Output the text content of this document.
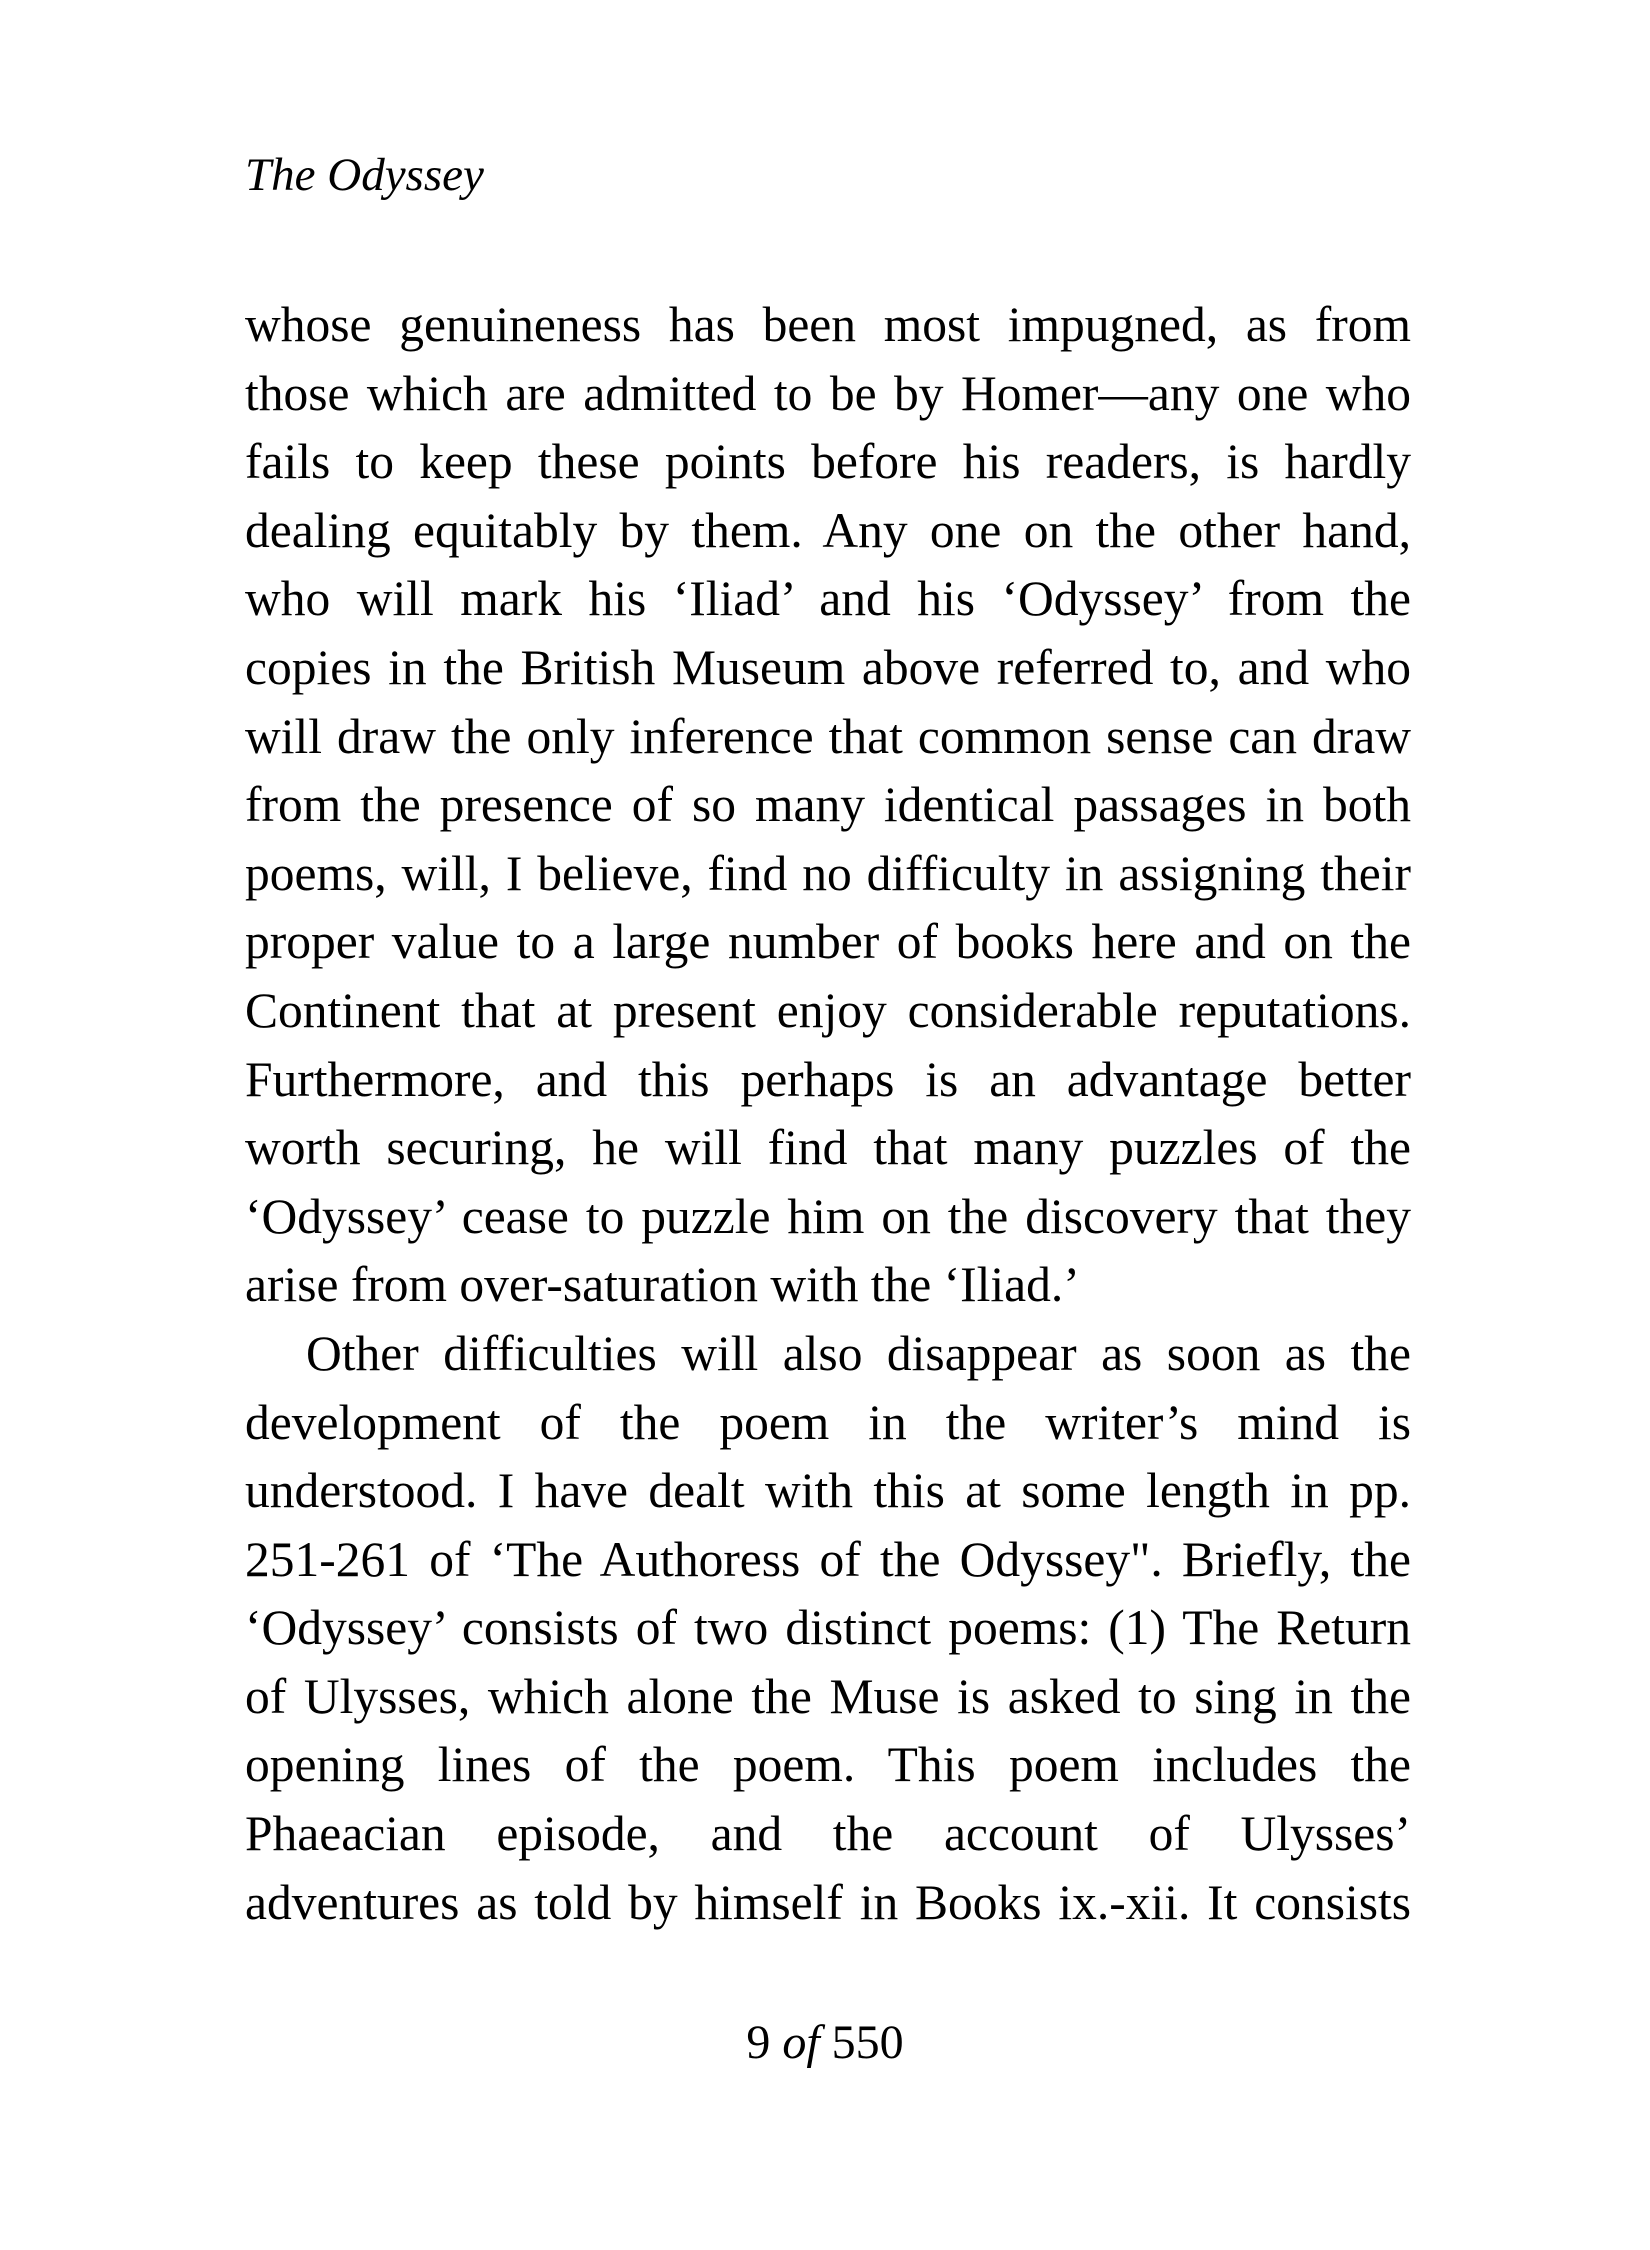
The Odyssey
whose genuineness has been most impugned, as from
those which are admitted to be by Homer—any one who
fails to keep these points before his readers, is hardly
dealing equitably by them. Any one on the other hand,
who will mark his ‘Iliad’ and his ‘Odyssey’ from the
copies in the British Museum above referred to, and who
will draw the only inference that common sense can draw
from the presence of so many identical passages in both
poems, will, I believe, find no difficulty in assigning their
proper value to a large number of books here and on the
Continent that at present enjoy considerable reputations.
Furthermore, and this perhaps is an advantage better
worth securing, he will find that many puzzles of the
‘Odyssey’ cease to puzzle him on the discovery that they
arise from over-saturation with the ‘Iliad.’
Other difficulties will also disappear as soon as the
development of the poem in the writer’s mind is
understood. I have dealt with this at some length in pp.
251-261 of ‘The Authoress of the Odyssey". Briefly, the
‘Odyssey’ consists of two distinct poems: (1) The Return
of Ulysses, which alone the Muse is asked to sing in the
opening lines of the poem. This poem includes the
Phaeacian episode, and the account of Ulysses’
adventures as told by himself in Books ix.-xii. It consists
9 of 550
